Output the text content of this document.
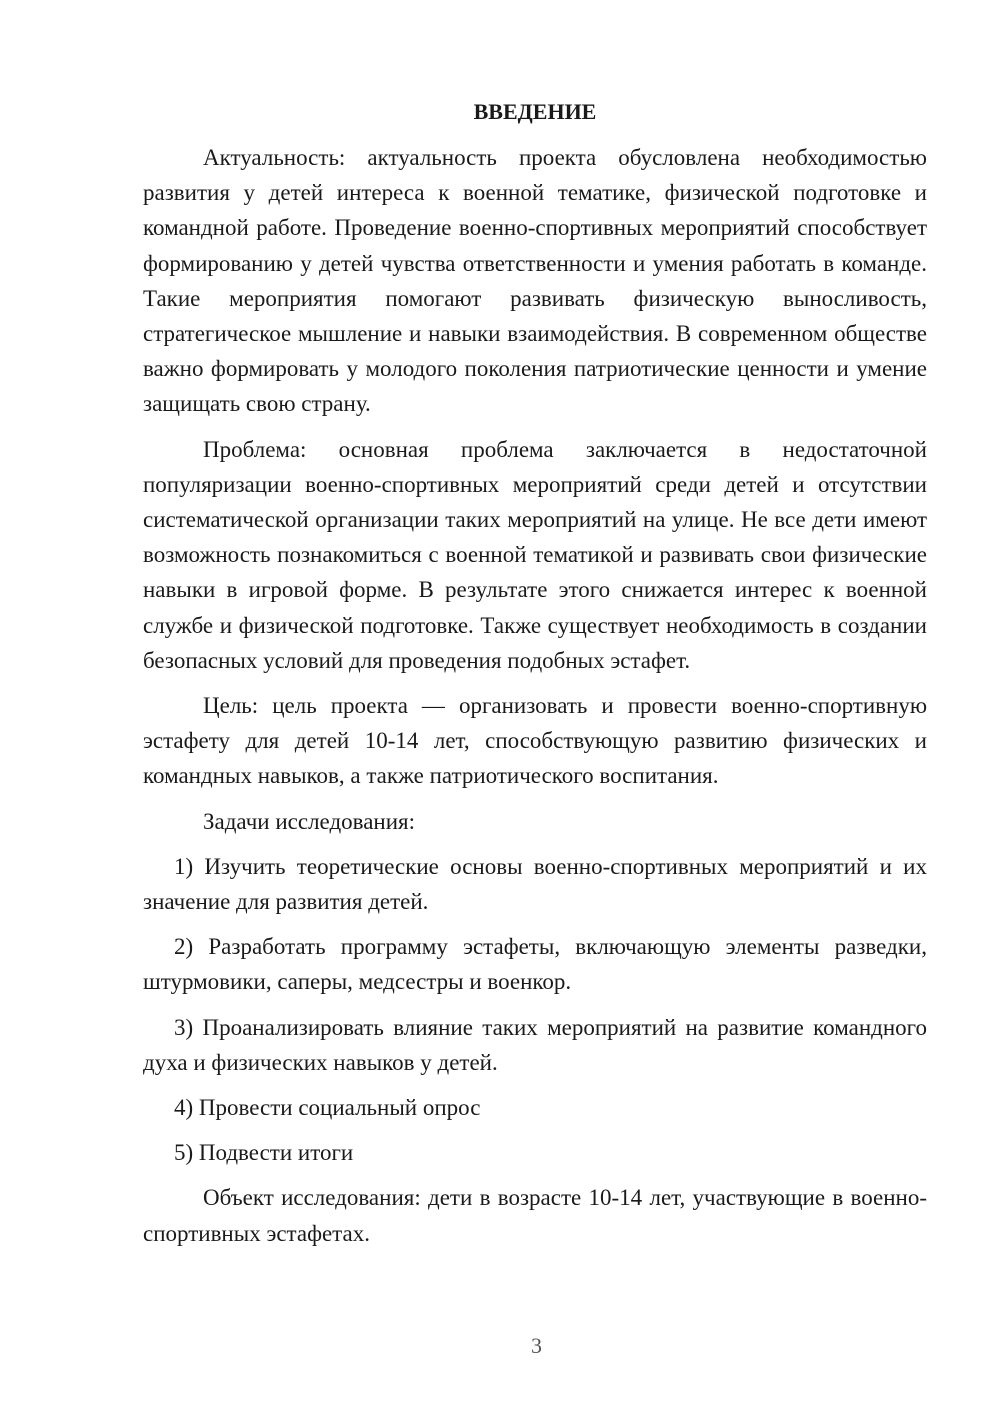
ВВЕДЕНИЕ

Актуальность: актуальность проекта обусловлена необходимостью развития у детей интереса к военной тематике, физической подготовке и командной работе. Проведение военно-спортивных мероприятий способствует формированию у детей чувства ответственности и умения работать в команде. Такие мероприятия помогают развивать физическую выносливость, стратегическое мышление и навыки взаимодействия. В современном обществе важно формировать у молодого поколения патриотические ценности и умение защищать свою страну.

Проблема: основная проблема заключается в недостаточной популяризации военно-спортивных мероприятий среди детей и отсутствии систематической организации таких мероприятий на улице. Не все дети имеют возможность познакомиться с военной тематикой и развивать свои физические навыки в игровой форме. В результате этого снижается интерес к военной службе и физической подготовке. Также существует необходимость в создании безопасных условий для проведения подобных эстафет.

Цель: цель проекта — организовать и провести военно-спортивную эстафету для детей 10-14 лет, способствующую развитию физических и командных навыков, а также патриотического воспитания.

Задачи исследования:

1) Изучить теоретические основы военно-спортивных мероприятий и их значение для развития детей.

2) Разработать программу эстафеты, включающую элементы разведки, штурмовики, саперы, медсестры и военкор.

3) Проанализировать влияние таких мероприятий на развитие командного духа и физических навыков у детей.

4) Провести социальный опрос

5) Подвести итоги

Объект исследования: дети в возрасте 10-14 лет, участвующие в военно-спортивных эстафетах.

3
